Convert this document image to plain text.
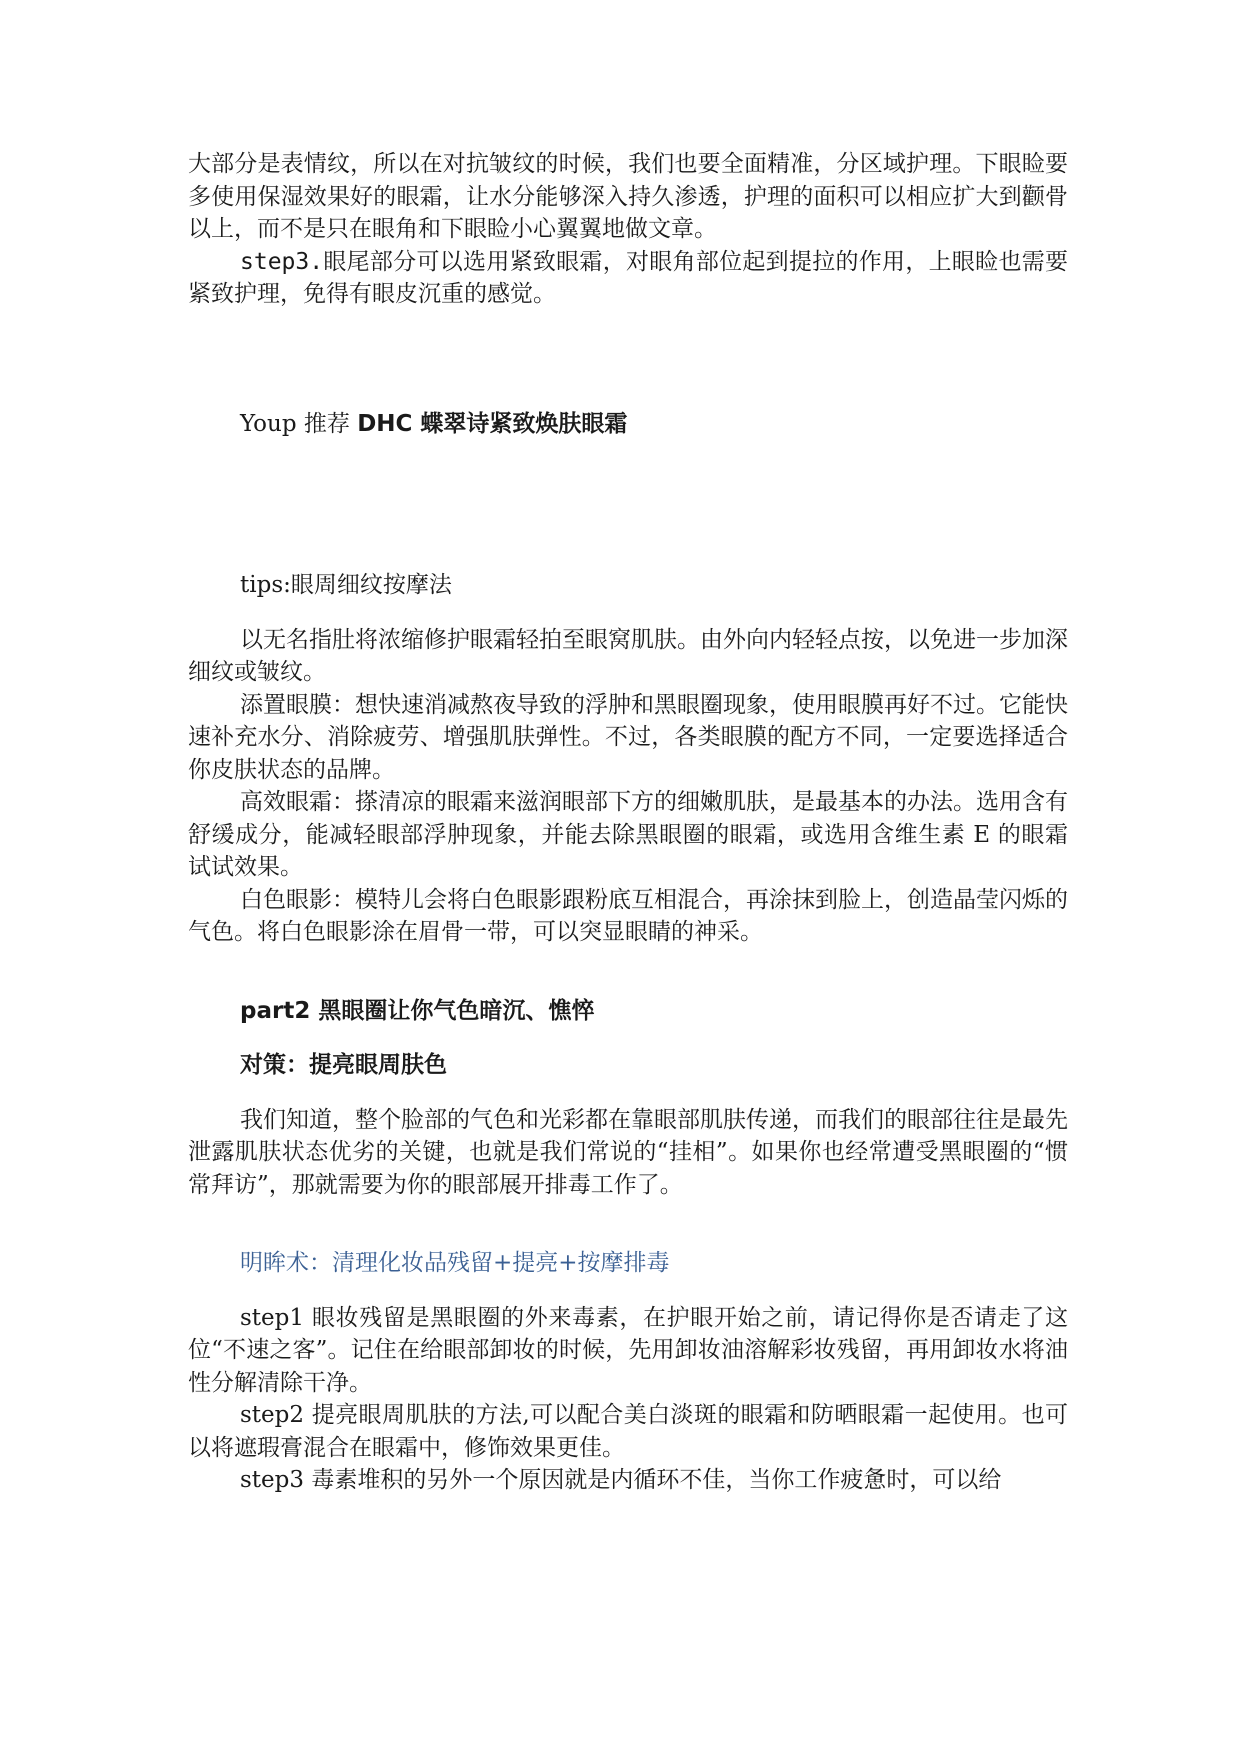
大部分是表情纹，所以在对抗皱纹的时候，我们也要全面精准，分区域护理。下眼睑要多使用保湿效果好的眼霜，让水分能够深入持久渗透，护理的面积可以相应扩大到颧骨以上，而不是只在眼角和下眼睑小心翼翼地做文章。

step3.眼尾部分可以选用紧致眼霜，对眼角部位起到提拉的作用，上眼睑也需要紧致护理，免得有眼皮沉重的感觉。

Youp 推荐 DHC 蝶翠诗紧致焕肤眼霜

tips:眼周细纹按摩法

以无名指肚将浓缩修护眼霜轻拍至眼窝肌肤。由外向内轻轻点按，以免进一步加深细纹或皱纹。

添置眼膜：想快速消减熬夜导致的浮肿和黑眼圈现象，使用眼膜再好不过。它能快速补充水分、消除疲劳、增强肌肤弹性。不过，各类眼膜的配方不同，一定要选择适合你皮肤状态的品牌。

高效眼霜：搽清凉的眼霜来滋润眼部下方的细嫩肌肤，是最基本的办法。选用含有舒缓成分，能减轻眼部浮肿现象，并能去除黑眼圈的眼霜，或选用含维生素 E 的眼霜试试效果。

白色眼影：模特儿会将白色眼影跟粉底互相混合，再涂抹到脸上，创造晶莹闪烁的气色。将白色眼影涂在眉骨一带，可以突显眼睛的神采。

part2 黑眼圈让你气色暗沉、憔悴

对策：提亮眼周肤色

我们知道，整个脸部的气色和光彩都在靠眼部肌肤传递，而我们的眼部往往是最先泄露肌肤状态优劣的关键，也就是我们常说的“挂相”。如果你也经常遭受黑眼圈的“惯常拜访”，那就需要为你的眼部展开排毒工作了。

明眸术：清理化妆品残留+提亮+按摩排毒

step1 眼妆残留是黑眼圈的外来毒素，在护眼开始之前，请记得你是否请走了这位“不速之客”。记住在给眼部卸妆的时候，先用卸妆油溶解彩妆残留，再用卸妆水将油性分解清除干净。

step2 提亮眼周肌肤的方法,可以配合美白淡斑的眼霜和防晒眼霜一起使用。也可以将遮瑕膏混合在眼霜中，修饰效果更佳。

step3 毒素堆积的另外一个原因就是内循环不佳，当你工作疲惫时，可以给
